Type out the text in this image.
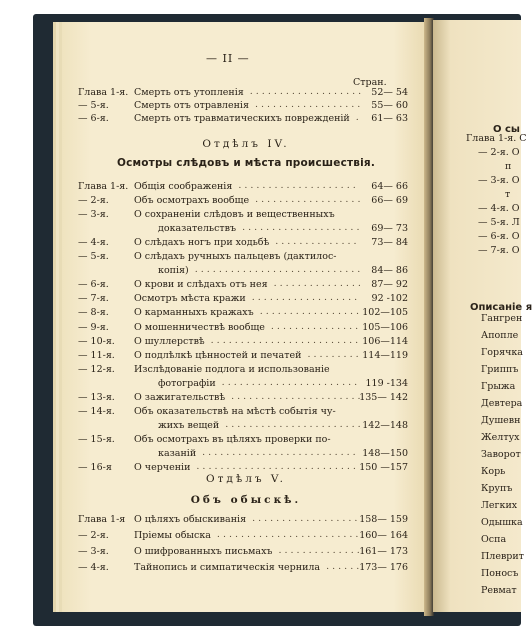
О сы
Описаніе я
Глава 1-я. С
— 2-я. О
п
— 3-я. О
т
— 4-я. О
— 5-я. Л
— 6-я. О
— 7-я. О
Гангрен
Апопле
Горячка
Гриппъ
Грыжа
Девтера
Душевн
Желтух
Заворот
Корь
Крупъ
Легких
Одышка
Оспа
Плеврит
Поносъ
Ревмат
— II —
Стран.
Глава 1-я. Смерть отъ утопленія	52— 54
...................
— 5-я.	Смерть отъ отравленія	55— 60
..................
— 6-я.	Смерть отъ травматическихъ поврежденій 61— 63
.
Отдѣлъ IV.
Осмотры слѣдовъ и мѣста происшествія.
Глава 1-я. Общія соображенія	64— 66
....................
— 2-я.	Объ осмотрахъ вообще	66— 69
..................
— 3-я.	О сохраненіи слѣдовъ и вещественныхъ
доказательствъ	69— 73
....................
— 4-я.	О слѣдахъ ногъ при ходьбѣ	73— 84
..............
— 5-я.	О слѣдахъ ручныхъ пальцевъ (дактилоc-
копія)	84— 86
............................
— 6-я.	О крови и слѣдахъ отъ нея	87— 92
...............
— 7-я.	Осмотръ мѣста кражи	92 -102
..................
— 8-я.	О карманныхъ кражахъ	102—105
.................
— 9-я.	О мошенничествѣ вообще	105—106
...............
— 10-я. О шуллерствѣ	106—114
.........................
— 11-я. О подлѣлкѣ цѣнностей и печатей	114—119
.........
— 12-я. Изслѣдованіе подлога и использованіе
фотографіи	119 -134
.......................
— 13-я. О зажигательствѣ	135— 142
......................
— 14-я. Объ оказательствѣ на мѣстѣ событія чу-
жихъ вещей	142—148
.......................
— 15-я. Объ осмотрахъ въ цѣляхъ проверки по-
казаній	148—150
..........................
— 16-я О черченіи	150 —157
...........................
Отдѣлъ V.
Объ обыскѣ.
Глава 1-я О цѣляхъ обыскиванія	158— 159
..................
— 2-я.	Пріемы обыска	160— 164
........................
— 3-я.	О шифрованныхъ письмахъ	161— 173
..............
— 4-я.	Тайнопись и симпатическія чернила	173— 176
......
